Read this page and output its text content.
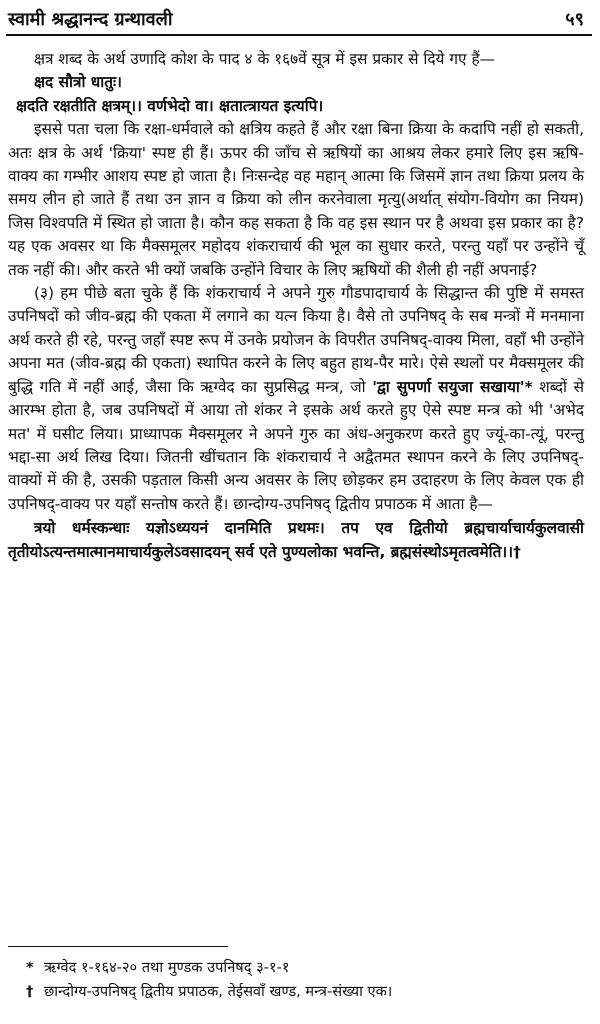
स्वामी श्रद्धानन्द ग्रन्थावली	५९

क्षत्र शब्द के अर्थ उणादि कोश के पाद ४ के १६७वें सूत्र में इस प्रकार से दिये गए हैं—

क्षद सौत्रो धातुः।

क्षदति रक्षतीति क्षत्रम्।। वर्णभेदो वा। क्षतात्त्रायत इत्यपि।

इससे पता चला कि रक्षा-धर्मवाले को क्षत्रिय कहते हैं और रक्षा बिना क्रिया के कदापि नहीं हो सकती, अतः क्षत्र के अर्थ 'क्रिया' स्पष्ट ही हैं। ऊपर की जाँच से ऋषियों का आश्रय लेकर हमारे लिए इस ऋषि-वाक्य का गम्भीर आशय स्पष्ट हो जाता है। निःसन्देह वह महान् आत्मा कि जिसमें ज्ञान तथा क्रिया प्रलय के समय लीन हो जाते हैं तथा उन ज्ञान व क्रिया को लीन करनेवाला मृत्यु(अर्थात् संयोग-वियोग का नियम) जिस विश्वपति में स्थित हो जाता है। कौन कह सकता है कि वह इस स्थान पर है अथवा इस प्रकार का है? यह एक अवसर था कि मैक्समूलर महोदय शंकराचार्य की भूल का सुधार करते, परन्तु यहाँ पर उन्होंने चूँ तक नहीं की। और करते भी क्यों जबकि उन्होंने विचार के लिए ऋषियों की शैली ही नहीं अपनाई?

(३) हम पीछे बता चुके हैं कि शंकराचार्य ने अपने गुरु गौडपादाचार्य के सिद्धान्त की पुष्टि में समस्त उपनिषदों को जीव-ब्रह्म की एकता में लगाने का यत्न किया है। वैसे तो उपनिषद् के सब मन्त्रों में मनमाना अर्थ करते ही रहे, परन्तु जहाँ स्पष्ट रूप में उनके प्रयोजन के विपरीत उपनिषद्-वाक्य मिला, वहाँ भी उन्होंने अपना मत (जीव-ब्रह्म की एकता) स्थापित करने के लिए बहुत हाथ-पैर मारे। ऐसे स्थलों पर मैक्समूलर की बुद्धि गति में नहीं आई, जैसा कि ऋग्वेद का सुप्रसिद्ध मन्त्र, जो 'द्वा सुपर्णा सयुजा सखाया'* शब्दों से आरम्भ होता है, जब उपनिषदों में आया तो शंकर ने इसके अर्थ करते हुए ऐसे स्पष्ट मन्त्र को भी 'अभेद मत' में घसीट लिया। प्राध्यापक मैक्समूलर ने अपने गुरु का अंध-अनुकरण करते हुए ज्यूं-का-त्यूं, परन्तु भद्दा-सा अर्थ लिख दिया। जितनी खींचतान कि शंकराचार्य ने अद्वैतमत स्थापन करने के लिए उपनिषद्-वाक्यों में की है, उसकी पड़ताल किसी अन्य अवसर के लिए छोड़कर हम उदाहरण के लिए केवल एक ही उपनिषद्-वाक्य पर यहाँ सन्तोष करते हैं। छान्दोग्य-उपनिषद् द्वितीय प्रपाठक में आता है—

त्रयो धर्मस्कन्धाः यज्ञोऽध्ययनं दानमिति प्रथमः। तप एव द्वितीयो ब्रह्मचार्याचार्यकुलवासी तृतीयोऽत्यन्तमात्मानमाचार्यकुलेऽवसादयन् सर्व एते पुण्यलोका भवन्ति, ब्रह्मसंस्थोऽमृतत्वमेति।।†

* ऋग्वेद १-१६४-२० तथा मुण्डक उपनिषद् ३-१-१

† छान्दोग्य-उपनिषद् द्वितीय प्रपाठक, तेईसवाँ खण्ड, मन्त्र-संख्या एक।
